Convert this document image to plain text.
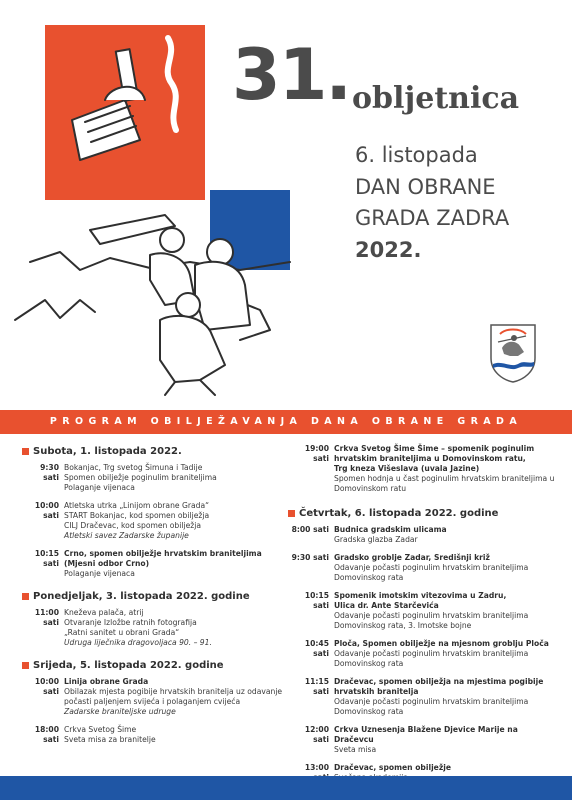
31. obljetnica
6. listopada
DAN OBRANE
GRADA ZADRA
2022.
PROGRAM OBILJEŽAVANJA DANA OBRANE GRADA
Subota, 1. listopada 2022.
9:30 sati
Bokanjac, Trg svetog Šimuna i Tadije
Spomen obilježje poginulim braniteljima
Polaganje vijenaca
10:00 sati
Atletska utrka „Linijom obrane Grada“
START Bokanjac, kod spomen obilježja
CILJ Dračevac, kod spomen obilježja
Atletski savez Zadarske županije
10:15 sati
Crno, spomen obilježje hrvatskim braniteljima
(Mjesni odbor Crno)
Polaganje vijenaca
Ponedjeljak, 3. listopada 2022. godine
11:00 sati
Kneževa palača, atrij
Otvaranje Izložbe ratnih fotografija
„Ratni sanitet u obrani Grada“
Udruga liječnika dragovoljaca 90. – 91.
Srijeda, 5. listopada 2022. godine
10:00 sati
Linija obrane Grada
Obilazak mjesta pogibije hrvatskih branitelja uz odavanje počasti paljenjem svijeća i polaganjem cvijeća
Zadarske braniteljske udruge
18:00 sati
Crkva Svetog Šime
Sveta misa za branitelje
19:00 sati
Crkva Svetog Šime Šime – spomenik poginulim hrvatskim braniteljima u Domovinskom ratu,
Trg kneza Višeslava (uvala Jazine)
Spomen hodnja u čast poginulim hrvatskim braniteljima u Domovinskom ratu
Četvrtak, 6. listopada 2022. godine
8:00 sati Budnica gradskim ulicama
Gradska glazba Zadar
9:30 sati Gradsko groblje Zadar, Središnji križ
Odavanje počasti poginulim hrvatskim braniteljima Domovinskog rata
10:15 sati
Spomenik imotskim vitezovima u Zadru,
Ulica dr. Ante Starčevića
Odavanje počasti poginulim hrvatskim braniteljima Domovinskog rata, 3. Imotske bojne
10:45 sati
Ploča, Spomen obilježje na mjesnom groblju Ploča
Odavanje počasti poginulim hrvatskim braniteljima Domovinskog rata
11:15 sati
Dračevac, spomen obilježja na mjestima pogibije hrvatskih branitelja
Odavanje počasti poginulim hrvatskim braniteljima Domovinskog rata
12:00 sati
Crkva Uznesenja Blažene Djevice Marije na Dračevcu
Sveta misa
13:00 Dračevac, spomen obilježje
